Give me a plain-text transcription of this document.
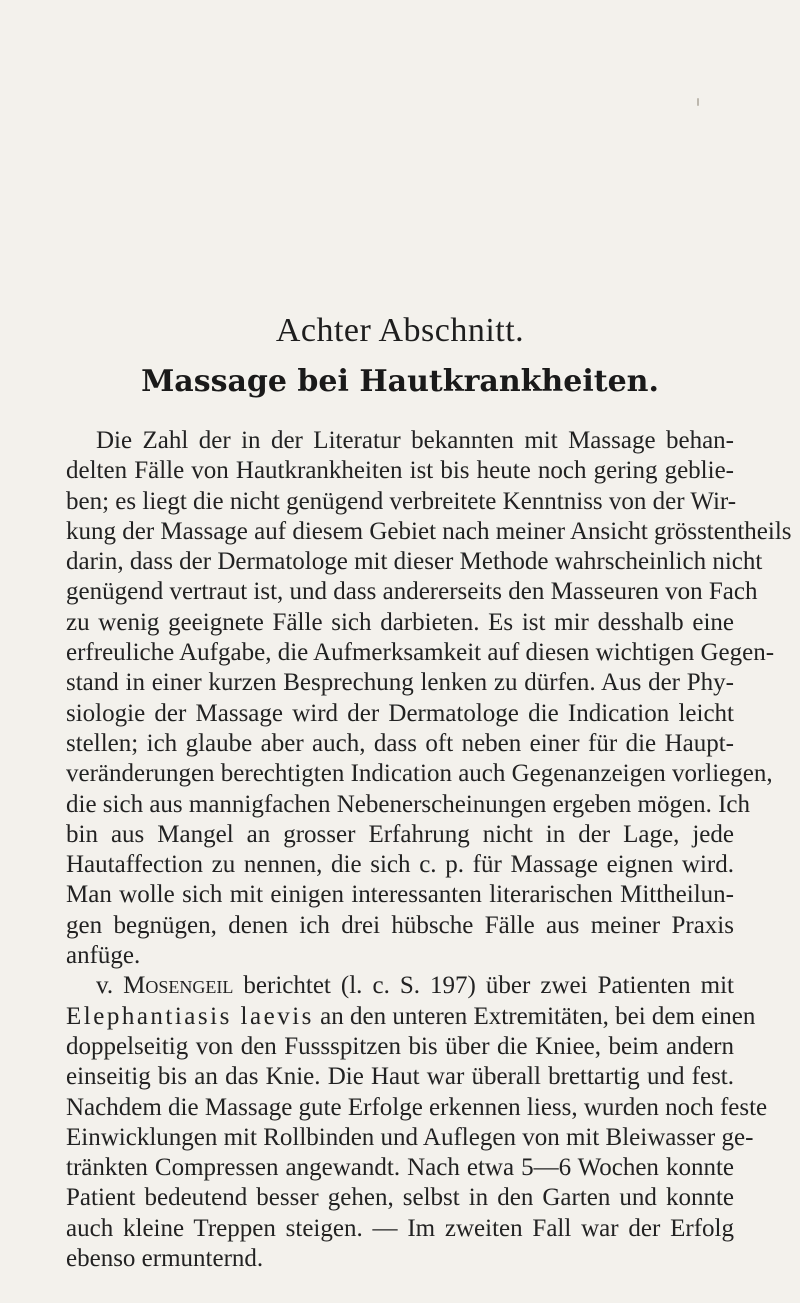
Achter Abschnitt.
Massage bei Hautkrankheiten.
Die Zahl der in der Literatur bekannten mit Massage behan-
delten Fälle von Hautkrankheiten ist bis heute noch gering geblie-
ben; es liegt die nicht genügend verbreitete Kenntniss von der Wir-
kung der Massage auf diesem Gebiet nach meiner Ansicht grösstentheils
darin, dass der Dermatologe mit dieser Methode wahrscheinlich nicht
genügend vertraut ist, und dass andererseits den Masseuren von Fach
zu wenig geeignete Fälle sich darbieten. Es ist mir desshalb eine
erfreuliche Aufgabe, die Aufmerksamkeit auf diesen wichtigen Gegen-
stand in einer kurzen Besprechung lenken zu dürfen. Aus der Phy-
siologie der Massage wird der Dermatologe die Indication leicht
stellen; ich glaube aber auch, dass oft neben einer für die Haupt-
veränderungen berechtigten Indication auch Gegenanzeigen vorliegen,
die sich aus mannigfachen Nebenerscheinungen ergeben mögen. Ich
bin aus Mangel an grosser Erfahrung nicht in der Lage, jede
Hautaffection zu nennen, die sich c. p. für Massage eignen wird.
Man wolle sich mit einigen interessanten literarischen Mittheilun-
gen begnügen, denen ich drei hübsche Fälle aus meiner Praxis
anfüge.
v. Mosengeil berichtet (l. c. S. 197) über zwei Patienten mit
Elephantiasis laevis an den unteren Extremitäten, bei dem einen
doppelseitig von den Fussspitzen bis über die Kniee, beim andern
einseitig bis an das Knie. Die Haut war überall brettartig und fest.
Nachdem die Massage gute Erfolge erkennen liess, wurden noch feste
Einwicklungen mit Rollbinden und Auflegen von mit Bleiwasser ge-
tränkten Compressen angewandt. Nach etwa 5—6 Wochen konnte
Patient bedeutend besser gehen, selbst in den Garten und konnte
auch kleine Treppen steigen. — Im zweiten Fall war der Erfolg
ebenso ermunternd.
